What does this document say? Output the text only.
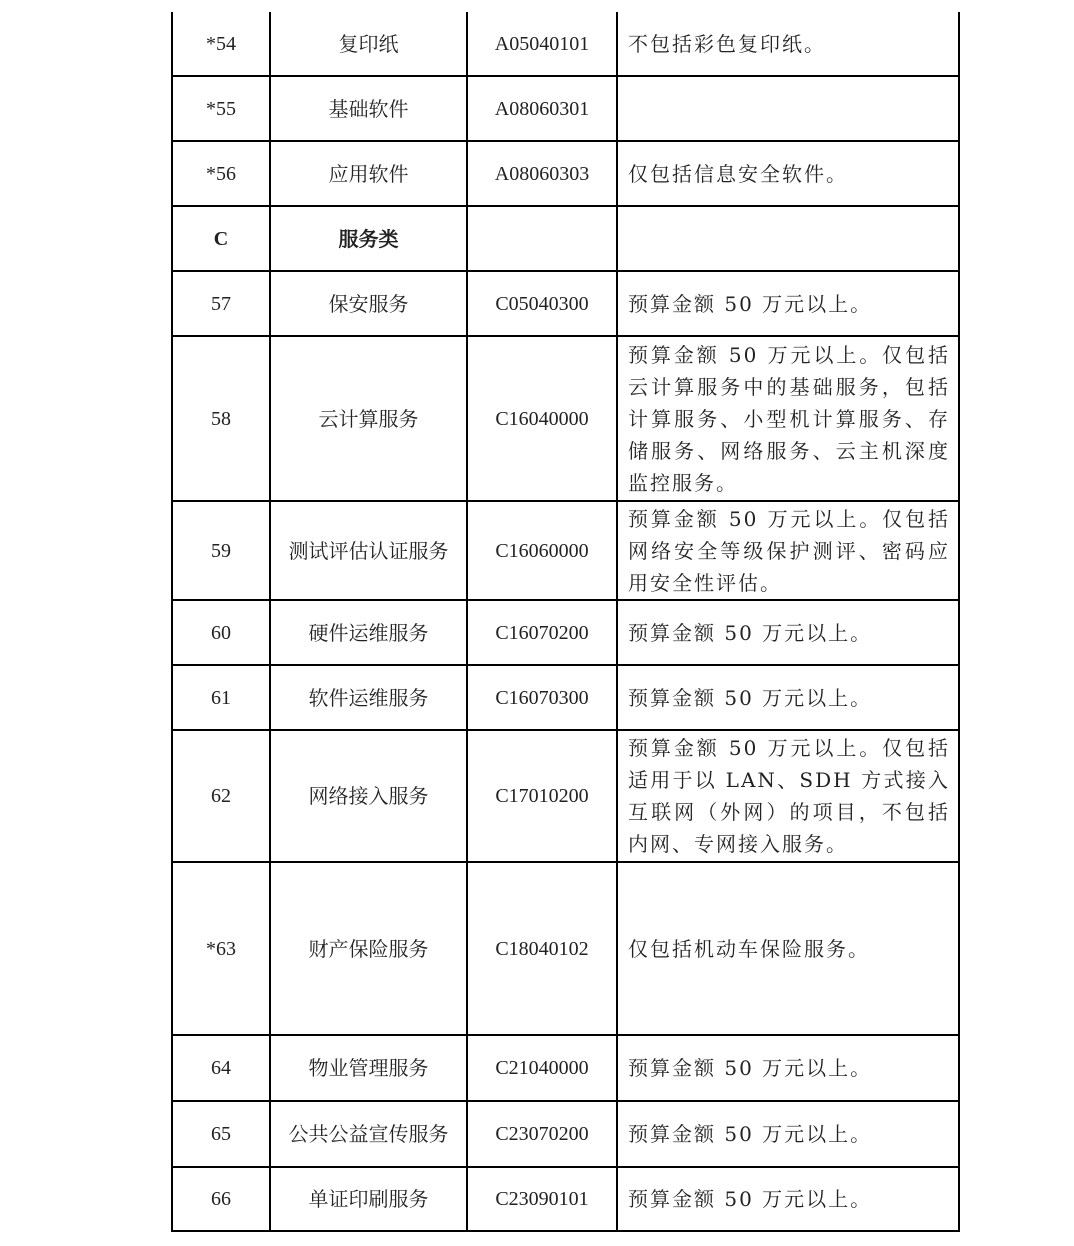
*54	复印纸	A05040101	不包括彩色复印纸。
*55	基础软件	A08060301	
*56	应用软件	A08060303	仅包括信息安全软件。
C	服务类		
57	保安服务	C05040300	预算金额 50 万元以上。
58	云计算服务	C16040000	预算金额 50 万元以上。仅包括云计算服务中的基础服务，包括计算服务、小型机计算服务、存储服务、网络服务、云主机深度监控服务。
59	测试评估认证服务	C16060000	预算金额 50 万元以上。仅包括网络安全等级保护测评、密码应用安全性评估。
60	硬件运维服务	C16070200	预算金额 50 万元以上。
61	软件运维服务	C16070300	预算金额 50 万元以上。
62	网络接入服务	C17010200	预算金额 50 万元以上。仅包括适用于以 LAN、SDH 方式接入互联网（外网）的项目，不包括内网、专网接入服务。
*63	财产保险服务	C18040102	仅包括机动车保险服务。
64	物业管理服务	C21040000	预算金额 50 万元以上。
65	公共公益宣传服务	C23070200	预算金额 50 万元以上。
66	单证印刷服务	C23090101	预算金额 50 万元以上。
